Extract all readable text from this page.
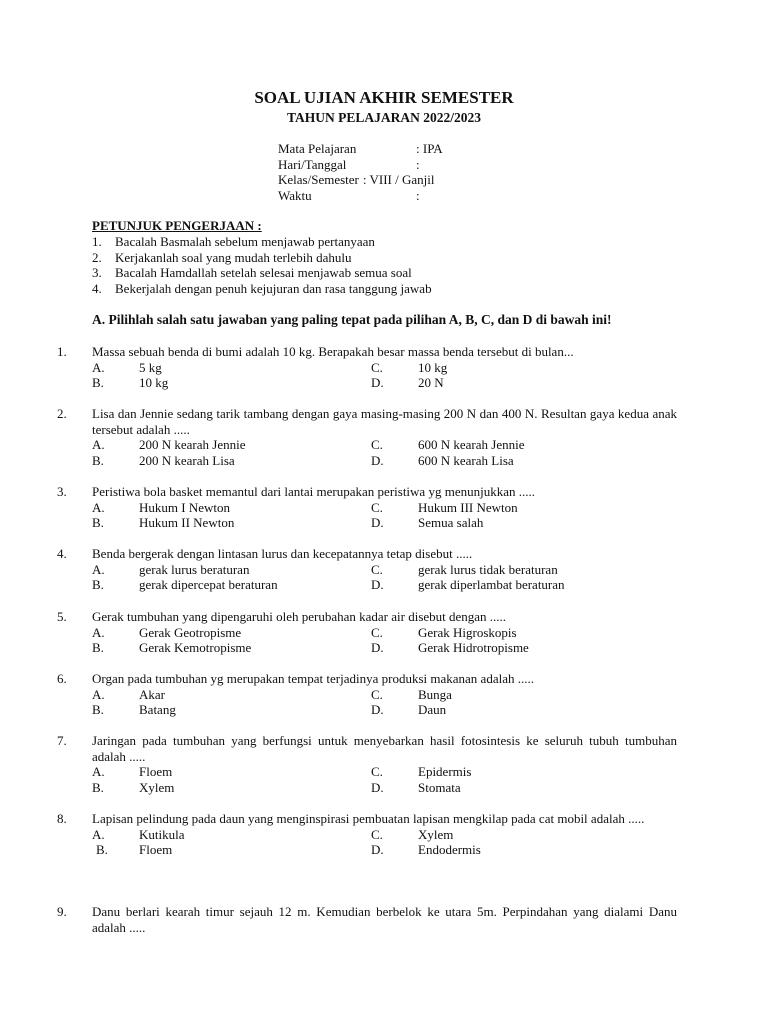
SOAL UJIAN AKHIR SEMESTER
TAHUN PELAJARAN 2022/2023
Mata Pelajaran	: IPA
Hari/Tanggal	:
Kelas/Semester : VIII / Ganjil
Waktu	:
PETUNJUK PENGERJAAN :
1.	Bacalah Basmalah sebelum menjawab pertanyaan
2.	Kerjakanlah soal yang mudah terlebih dahulu
3.	Bacalah Hamdallah setelah selesai menjawab semua soal
4.	Bekerjalah dengan penuh kejujuran dan rasa tanggung jawab

A. Pilihlah salah satu jawaban yang paling tepat pada pilihan A, B, C, dan D di bawah ini!

1.	Massa sebuah benda di bumi adalah 10 kg. Berapakah besar massa benda tersebut di bulan...
A.	5 kg	C.	10 kg
B.	10 kg	D.	20 N
2.	Lisa dan Jennie sedang tarik tambang dengan gaya masing-masing 200 N dan 400 N. Resultan gaya kedua anak tersebut adalah .....
A.	200 N kearah Jennie	C.	600 N kearah Jennie
B.	200 N kearah Lisa	D.	600 N kearah Lisa
3.	Peristiwa bola basket memantul dari lantai merupakan peristiwa yg menunjukkan .....
A.	Hukum I Newton	C.	Hukum III Newton
B.	Hukum II Newton	D.	Semua salah
4.	Benda bergerak dengan lintasan lurus dan kecepatannya tetap disebut .....
A.	gerak lurus beraturan	C.	gerak lurus tidak beraturan
B.	gerak dipercepat beraturan	D.	gerak diperlambat beraturan
5.	Gerak tumbuhan yang dipengaruhi oleh perubahan kadar air disebut dengan .....
A.	Gerak Geotropisme	C.	Gerak Higroskopis
B.	Gerak Kemotropisme	D.	Gerak Hidrotropisme
6.	Organ pada tumbuhan yg merupakan tempat terjadinya produksi makanan adalah .....
A.	Akar	C.	Bunga
B.	Batang	D.	Daun
7.	Jaringan pada tumbuhan yang berfungsi untuk menyebarkan hasil fotosintesis ke seluruh tubuh tumbuhan adalah .....
A.	Floem	C.	Epidermis
B.	Xylem	D.	Stomata
8.	Lapisan pelindung pada daun yang menginspirasi pembuatan lapisan mengkilap pada cat mobil adalah .....
A.	Kutikula	C.	Xylem
B.	Floem	D.	Endodermis
9.	Danu berlari kearah timur sejauh 12 m. Kemudian berbelok ke utara 5m. Perpindahan yang dialami Danu adalah .....
